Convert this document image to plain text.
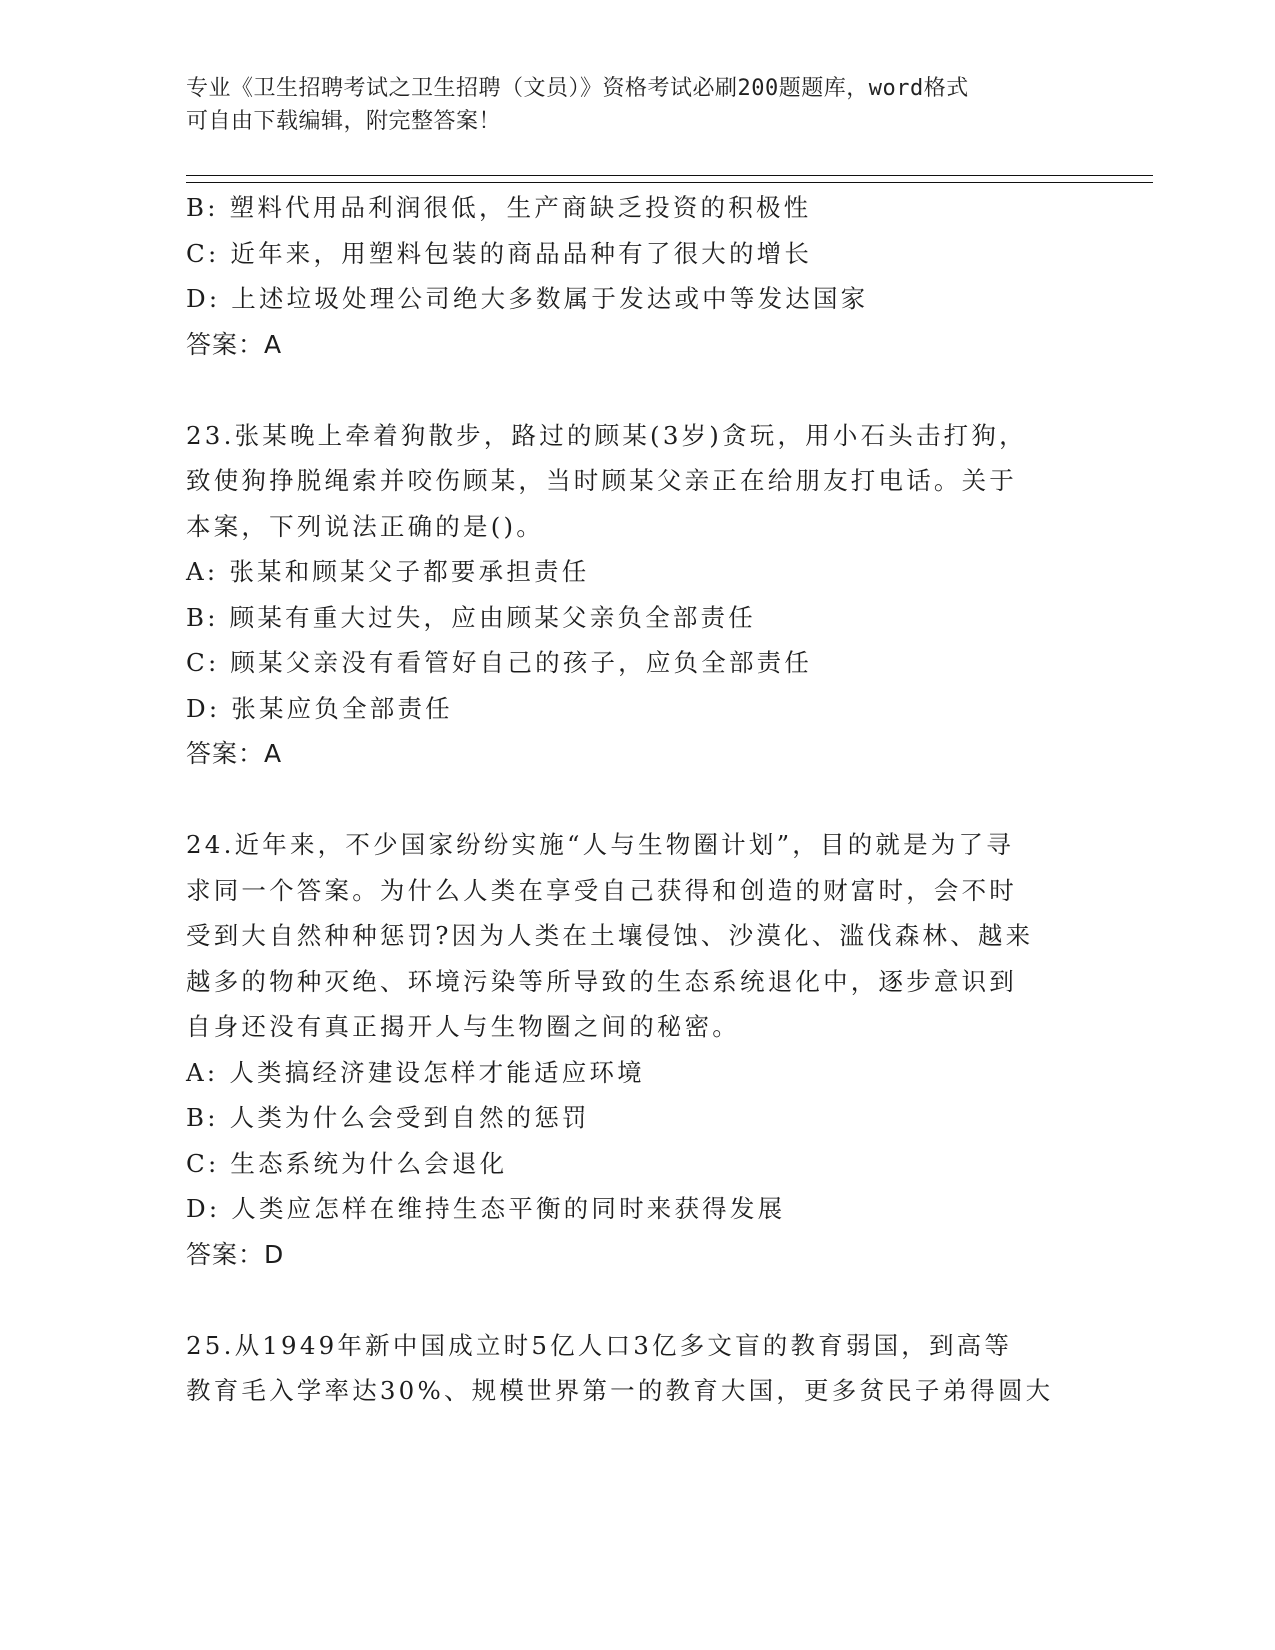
专业《卫生招聘考试之卫生招聘（文员）》资格考试必刷200题题库，word格式
可自由下载编辑，附完整答案！
B: 塑料代用品利润很低，生产商缺乏投资的积极性
C: 近年来，用塑料包装的商品品种有了很大的增长
D: 上述垃圾处理公司绝大多数属于发达或中等发达国家
答案：A
23.张某晚上牵着狗散步，路过的顾某(3岁)贪玩，用小石头击打狗，
致使狗挣脱绳索并咬伤顾某，当时顾某父亲正在给朋友打电话。关于
本案，下列说法正确的是()。
A: 张某和顾某父子都要承担责任
B: 顾某有重大过失，应由顾某父亲负全部责任
C: 顾某父亲没有看管好自己的孩子，应负全部责任
D: 张某应负全部责任
答案：A
24.近年来，不少国家纷纷实施“人与生物圈计划”，目的就是为了寻
求同一个答案。为什么人类在享受自己获得和创造的财富时，会不时
受到大自然种种惩罚?因为人类在土壤侵蚀、沙漠化、滥伐森林、越来
越多的物种灭绝、环境污染等所导致的生态系统退化中，逐步意识到
自身还没有真正揭开人与生物圈之间的秘密。
A: 人类搞经济建设怎样才能适应环境
B: 人类为什么会受到自然的惩罚
C: 生态系统为什么会退化
D: 人类应怎样在维持生态平衡的同时来获得发展
答案：D
25.从1949年新中国成立时5亿人口3亿多文盲的教育弱国，到高等
教育毛入学率达30%、规模世界第一的教育大国，更多贫民子弟得圆大
